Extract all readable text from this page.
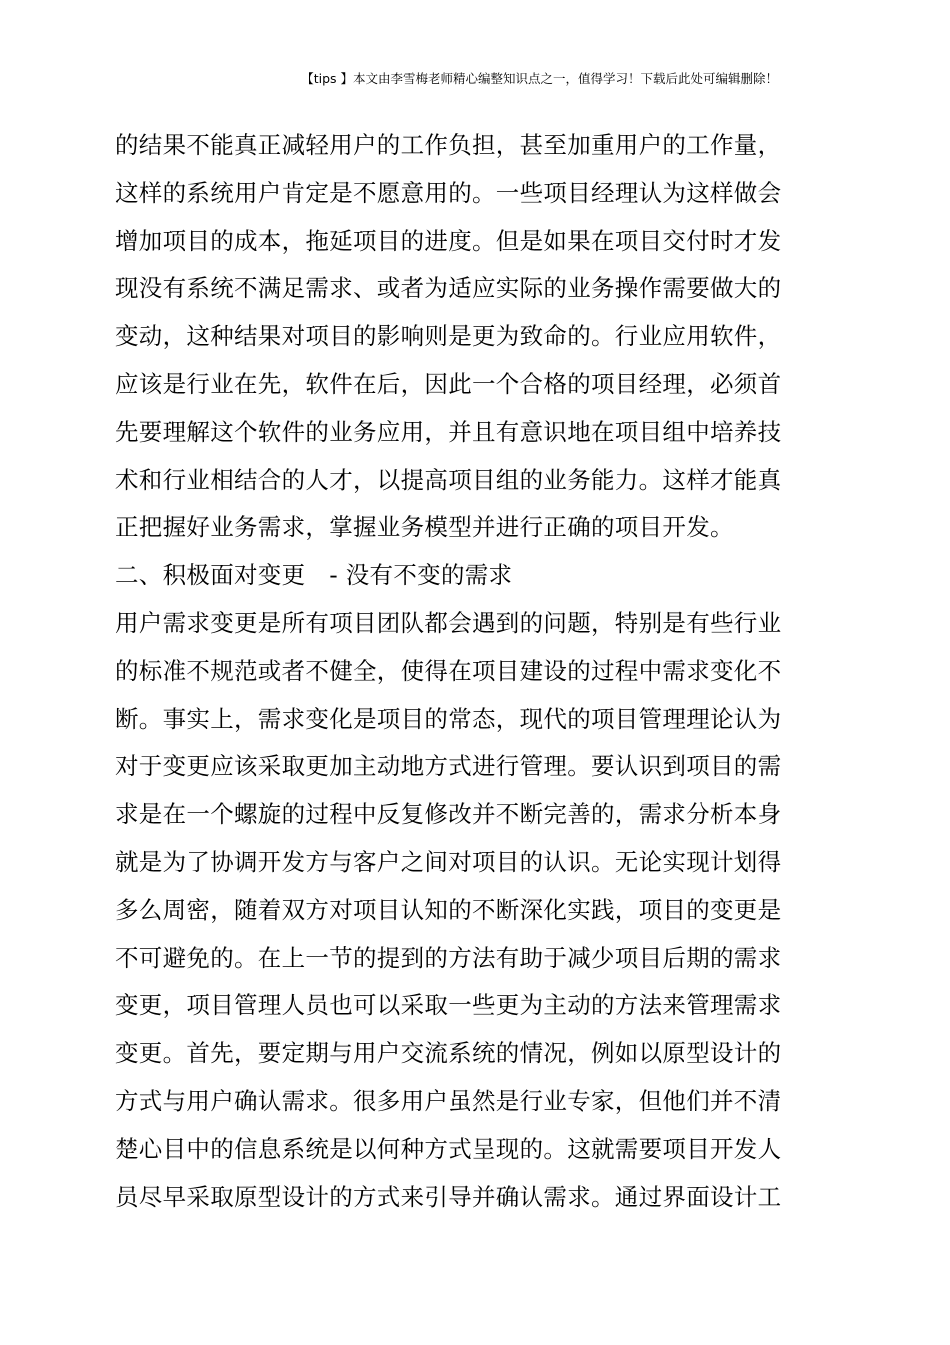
【tips 】本文由李雪梅老师精心编整知识点之一，值得学习！下载后此处可编辑删除！
的结果不能真正减轻用户的工作负担，甚至加重用户的工作量，
这样的系统用户肯定是不愿意用的。一些项目经理认为这样做会
增加项目的成本，拖延项目的进度。但是如果在项目交付时才发
现没有系统不满足需求、或者为适应实际的业务操作需要做大的
变动，这种结果对项目的影响则是更为致命的。行业应用软件，
应该是行业在先，软件在后，因此一个合格的项目经理，必须首
先要理解这个软件的业务应用，并且有意识地在项目组中培养技
术和行业相结合的人才，以提高项目组的业务能力。这样才能真
正把握好业务需求，掌握业务模型并进行正确的项目开发。
二、积极面对变更　- 没有不变的需求
用户需求变更是所有项目团队都会遇到的问题，特别是有些行业
的标准不规范或者不健全，使得在项目建设的过程中需求变化不
断。事实上，需求变化是项目的常态，现代的项目管理理论认为
对于变更应该采取更加主动地方式进行管理。要认识到项目的需
求是在一个螺旋的过程中反复修改并不断完善的，需求分析本身
就是为了协调开发方与客户之间对项目的认识。无论实现计划得
多么周密，随着双方对项目认知的不断深化实践，项目的变更是
不可避免的。在上一节的提到的方法有助于减少项目后期的需求
变更，项目管理人员也可以采取一些更为主动的方法来管理需求
变更。首先，要定期与用户交流系统的情况，例如以原型设计的
方式与用户确认需求。很多用户虽然是行业专家，但他们并不清
楚心目中的信息系统是以何种方式呈现的。这就需要项目开发人
员尽早采取原型设计的方式来引导并确认需求。通过界面设计工
